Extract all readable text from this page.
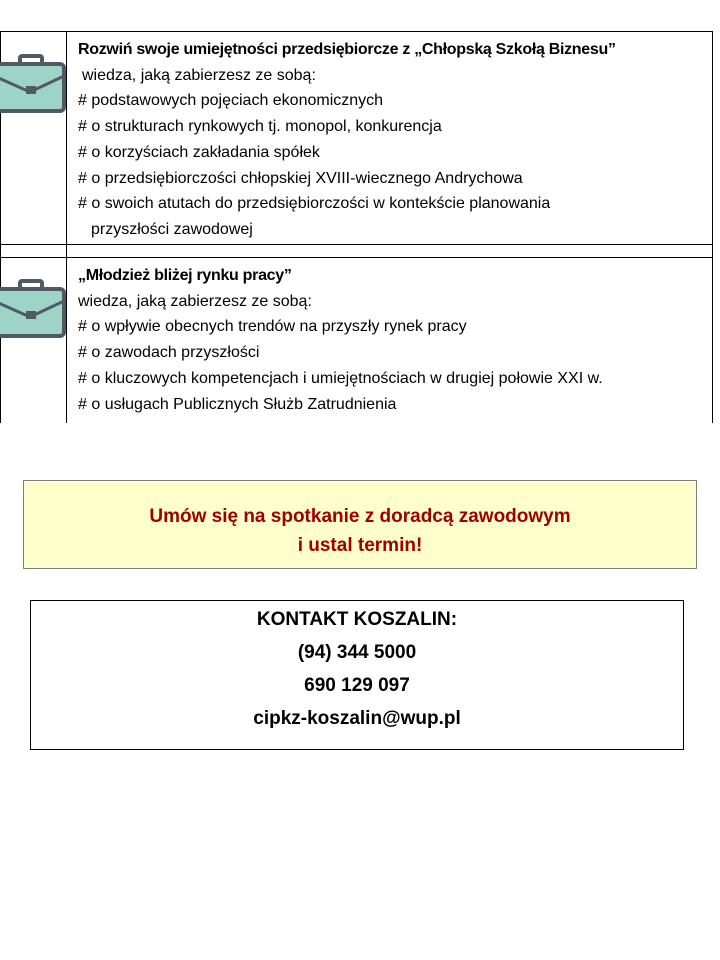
Rozwiń swoje umiejętności przedsiębiorcze z „Chłopską Szkołą Biznesu”
wiedza, jaką zabierzesz ze sobą:
# podstawowych pojęciach ekonomicznych
# o strukturach rynkowych tj. monopol, konkurencja
# o korzyściach zakładania spółek
# o przedsiębiorczości chłopskiej XVIII-wiecznego Andrychowa
# o swoich atutach do przedsiębiorczości w kontekście planowania
przyszłości zawodowej
„Młodzież bliżej rynku pracy”
wiedza, jaką zabierzesz ze sobą:
# o wpływie obecnych trendów na przyszły rynek pracy
# o zawodach przyszłości
# o kluczowych kompetencjach i umiejętnościach w drugiej połowie XXI w.
# o usługach Publicznych Służb Zatrudnienia
Umów się na spotkanie z doradcą zawodowym
i ustal termin!
KONTAKT KOSZALIN:
(94) 344 5000
690 129 097
cipkz-koszalin@wup.pl
